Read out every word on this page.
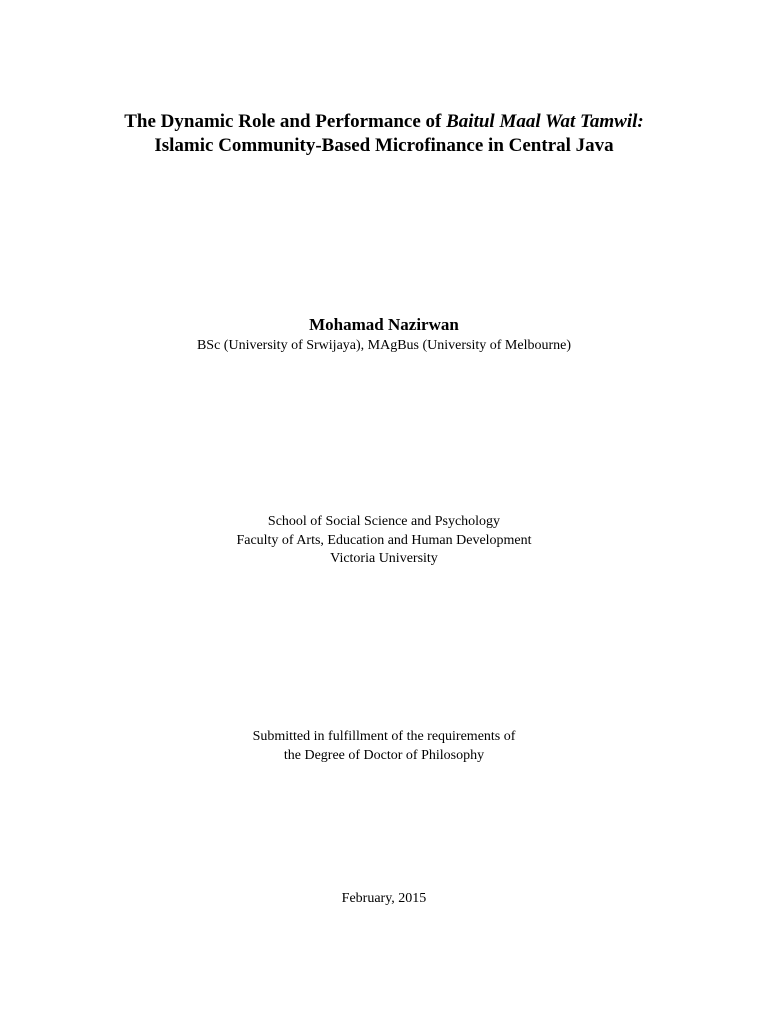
The Dynamic Role and Performance of Baitul Maal Wat Tamwil:
Islamic Community-Based Microfinance in Central Java
Mohamad Nazirwan
BSc (University of Srwijaya), MAgBus (University of Melbourne)
School of Social Science and Psychology
Faculty of Arts, Education and Human Development
Victoria University
Submitted in fulfillment of the requirements of
the Degree of Doctor of Philosophy
February, 2015
